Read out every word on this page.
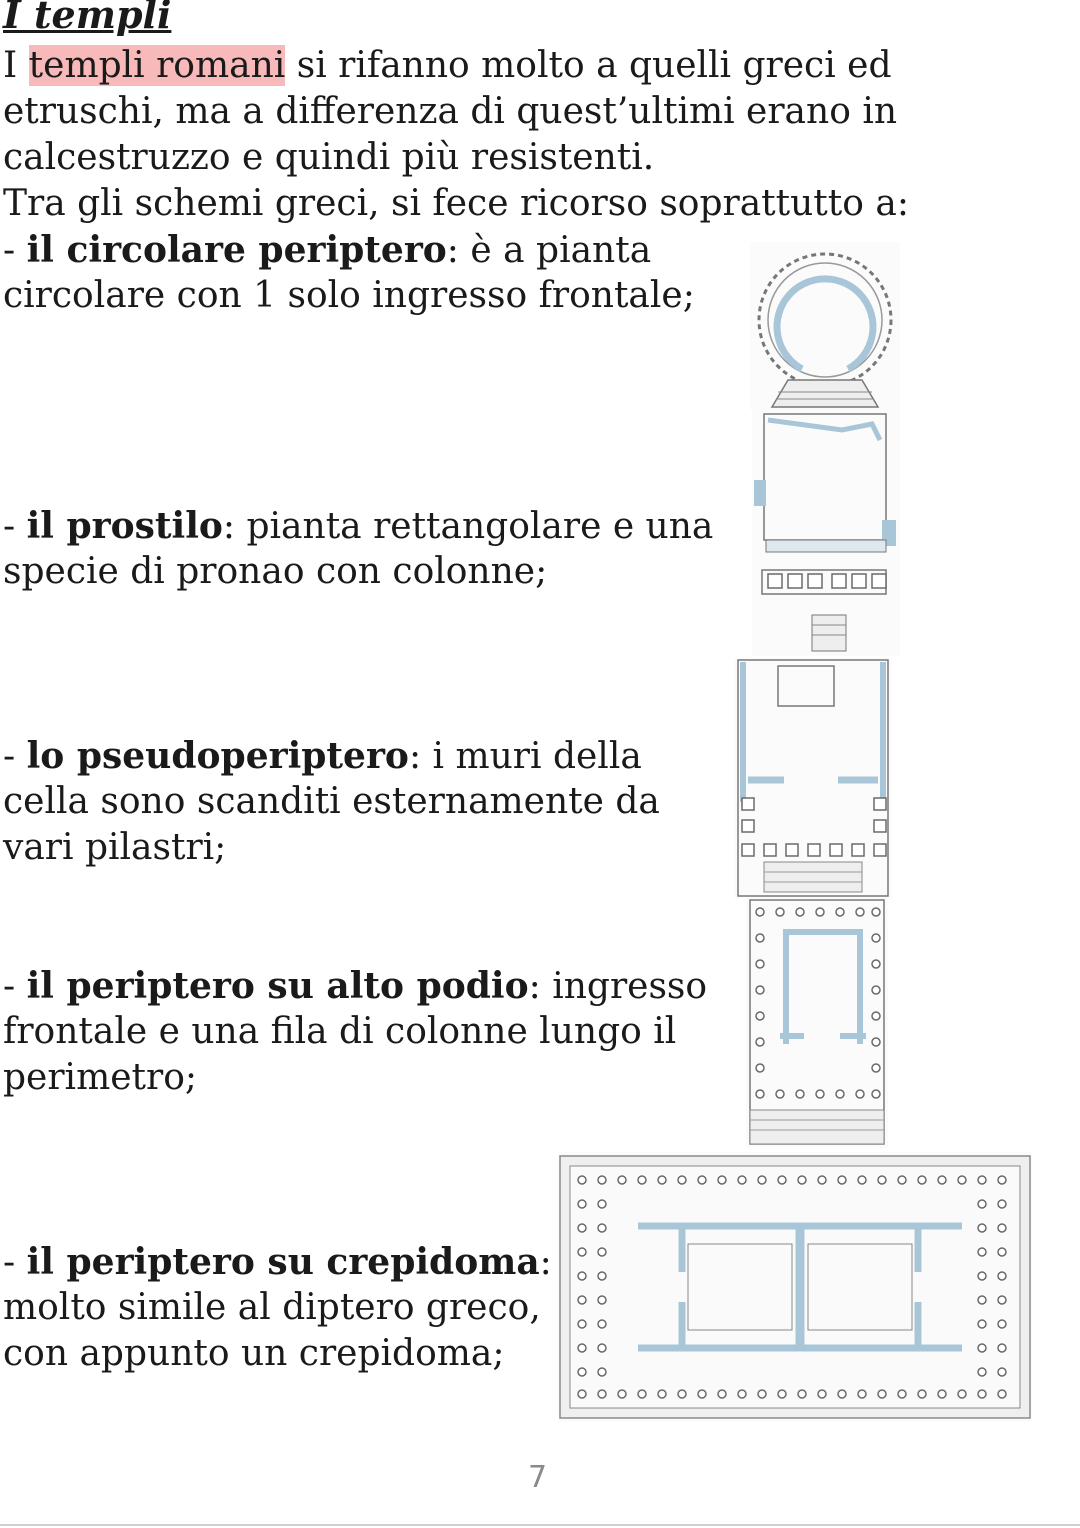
I templi
I templi romani si rifanno molto a quelli greci ed
etruschi, ma a differenza di quest’ultimi erano in
calcestruzzo e quindi più resistenti.
Tra gli schemi greci, si fece ricorso soprattutto a:
- il circolare periptero: è a pianta
circolare con 1 solo ingresso frontale;
- il prostilo: pianta rettangolare e una
specie di pronao con colonne;
- lo pseudoperiptero: i muri della
cella sono scanditi esternamente da
vari pilastri;
- il periptero su alto podio: ingresso
frontale e una fila di colonne lungo il
perimetro;
- il periptero su crepidoma:
molto simile al diptero greco,
con appunto un crepidoma;
7
